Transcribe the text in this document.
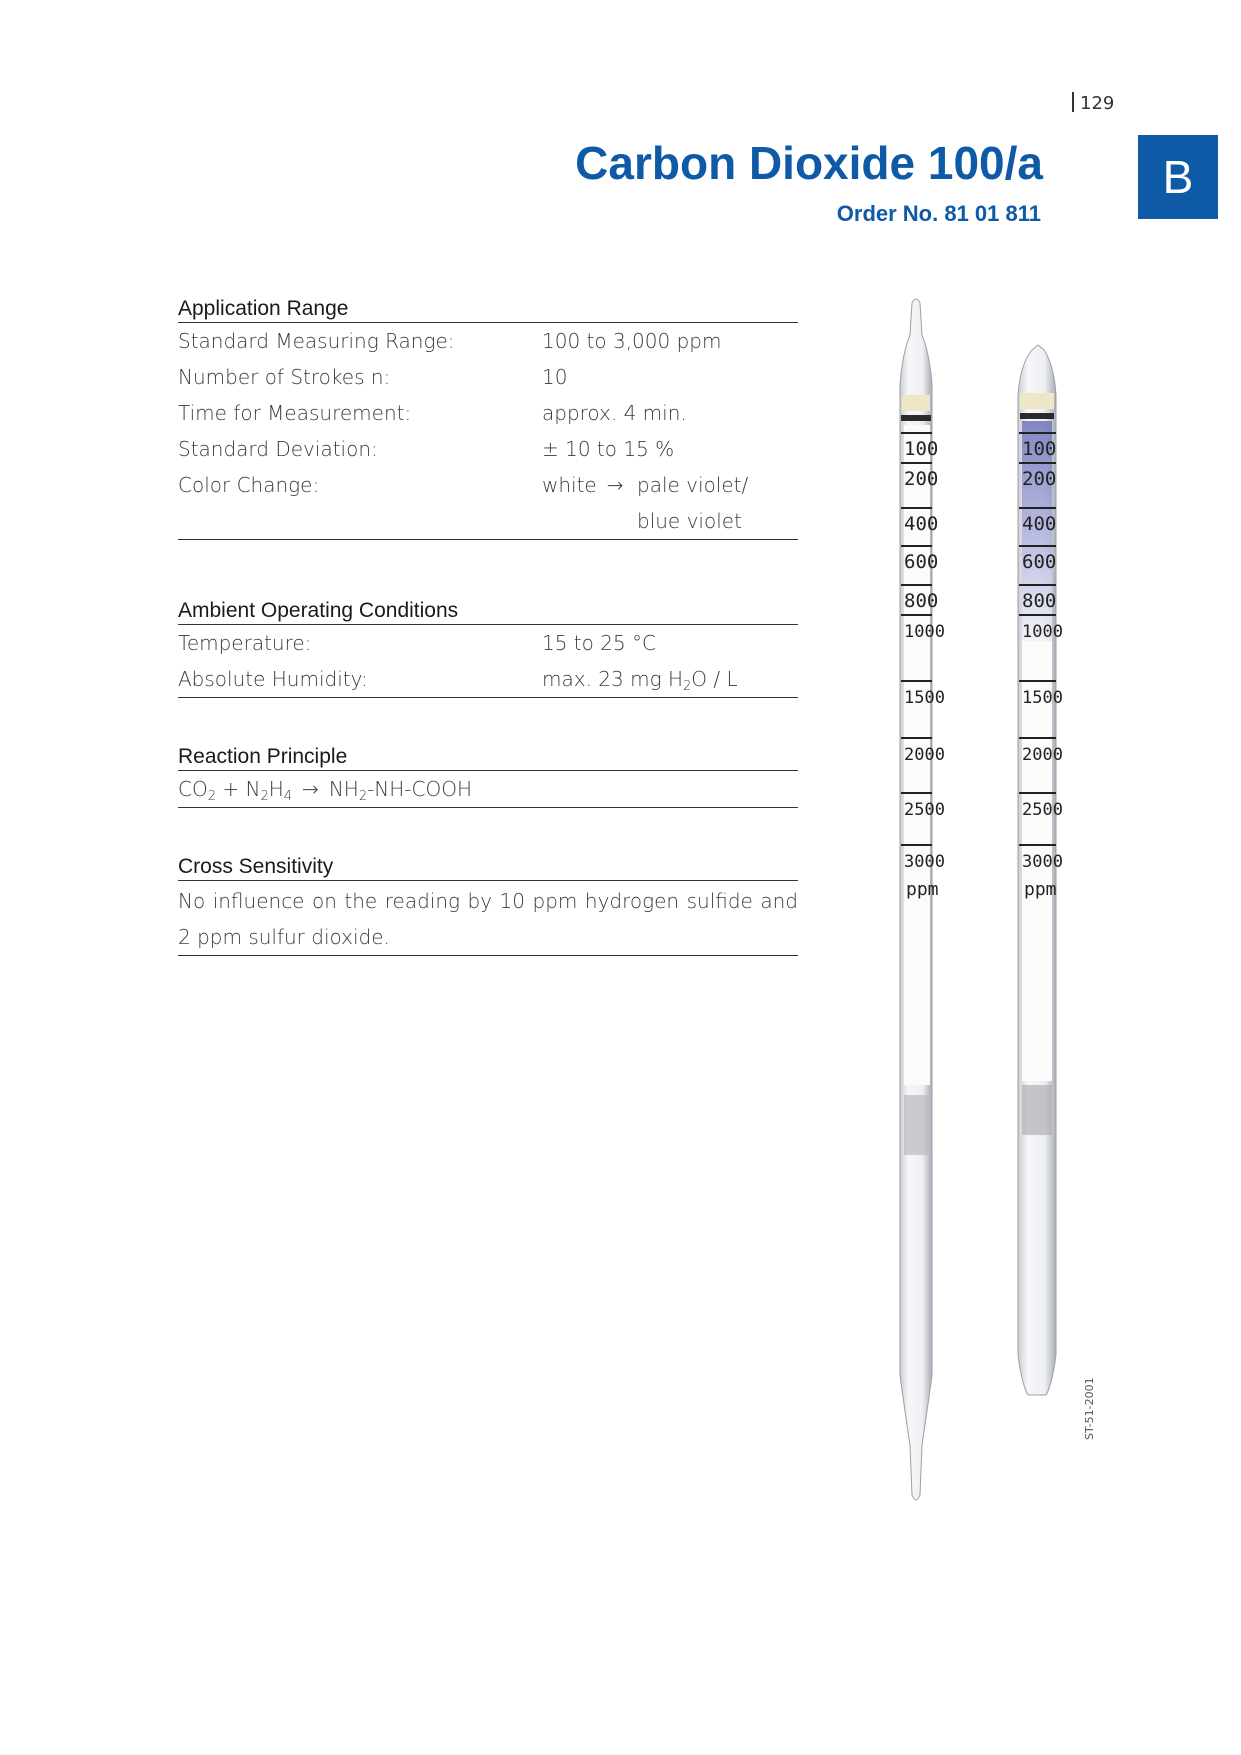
129
Carbon Dioxide 100/a
Order No. 81 01 811
B
Application Range
Standard Measuring Range:	100 to 3,000 ppm
Number of Strokes n:	10
Time for Measurement:	approx. 4 min.
Standard Deviation:	± 10 to 15 %
Color Change:	white → pale violet/
blue violet
Ambient Operating Conditions
Temperature:	15 to 25 °C
Absolute Humidity:	max. 23 mg $H_2O$ / L
Reaction Principle
$CO_2 + N_2H_4$ → $NH_2-NH$-COOH
Cross Sensitivity
No influence on the reading by 10 ppm hydrogen sulfide and 2 ppm sulfur dioxide.
100
200
400
600
800
1000
1500
2000
2500
3000
ppm
100
200
400
600
800
1000
1500
2000
2500
3000
ppm
ST-51-2001
